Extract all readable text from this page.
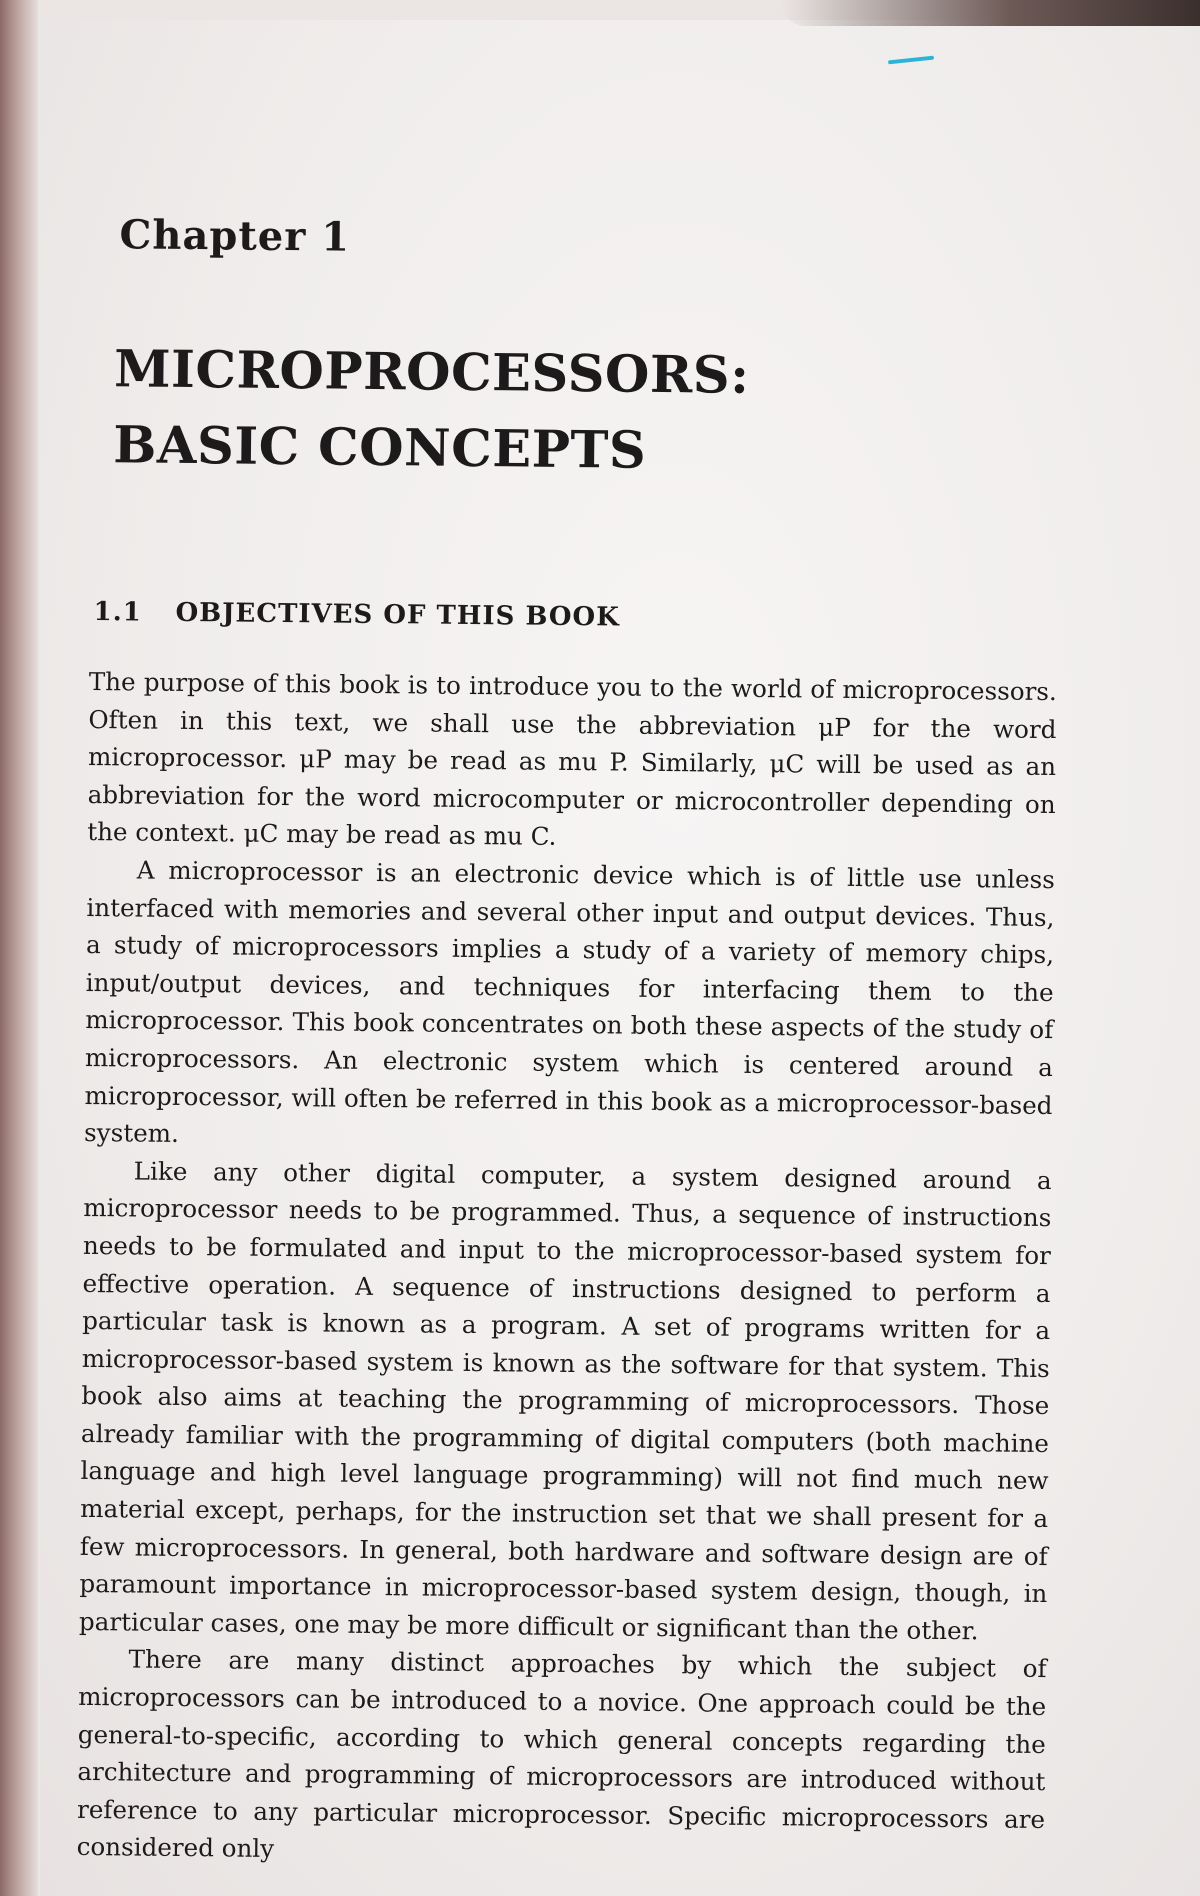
Chapter 1
MICROPROCESSORS:
BASIC CONCEPTS
1.1 OBJECTIVES OF THIS BOOK

The purpose of this book is to introduce you to the world of microprocessors. Often in this text, we shall use the abbreviation μP for the word microprocessor. μP may be read as mu P. Similarly, μC will be used as an abbreviation for the word microcomputer or microcontroller depending on the context. μC may be read as mu C.

A microprocessor is an electronic device which is of little use unless interfaced with memories and several other input and output devices. Thus, a study of microprocessors implies a study of a variety of memory chips, input/output devices, and techniques for interfacing them to the microprocessor. This book concentrates on both these aspects of the study of microprocessors. An electronic system which is centered around a microprocessor, will often be referred in this book as a microprocessor-based system.

Like any other digital computer, a system designed around a microprocessor needs to be programmed. Thus, a sequence of instructions needs to be formulated and input to the microprocessor-based system for effective operation. A sequence of instructions designed to perform a particular task is known as a program. A set of programs written for a microprocessor-based system is known as the software for that system. This book also aims at teaching the programming of microprocessors. Those already familiar with the programming of digital computers (both machine language and high level language programming) will not find much new material except, perhaps, for the instruction set that we shall present for a few microprocessors. In general, both hardware and software design are of paramount importance in microprocessor-based system design, though, in particular cases, one may be more difficult or significant than the other.

There are many distinct approaches by which the subject of microprocessors can be introduced to a novice. One approach could be the general-to-specific, according to which general concepts regarding the architecture and programming of microprocessors are introduced without reference to any particular microprocessor. Specific microprocessors are considered only
